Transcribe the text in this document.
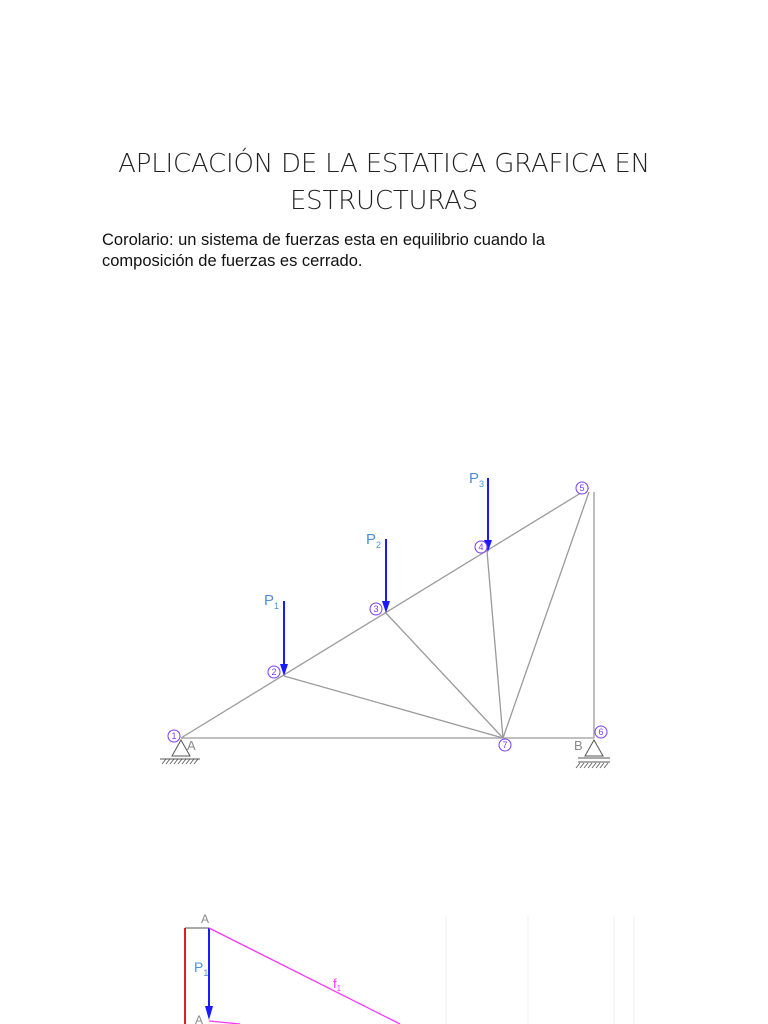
APLICACIÓN DE LA ESTATICA GRAFICA EN
ESTRUCTURAS
Corolario: un sistema de fuerzas esta en equilibrio cuando la
composición de fuerzas es cerrado.
A	B
$P_1$
$P_2$
$P_3$
1
2
3
4
5
6
7
A
$P_1$
$f_1$
A
